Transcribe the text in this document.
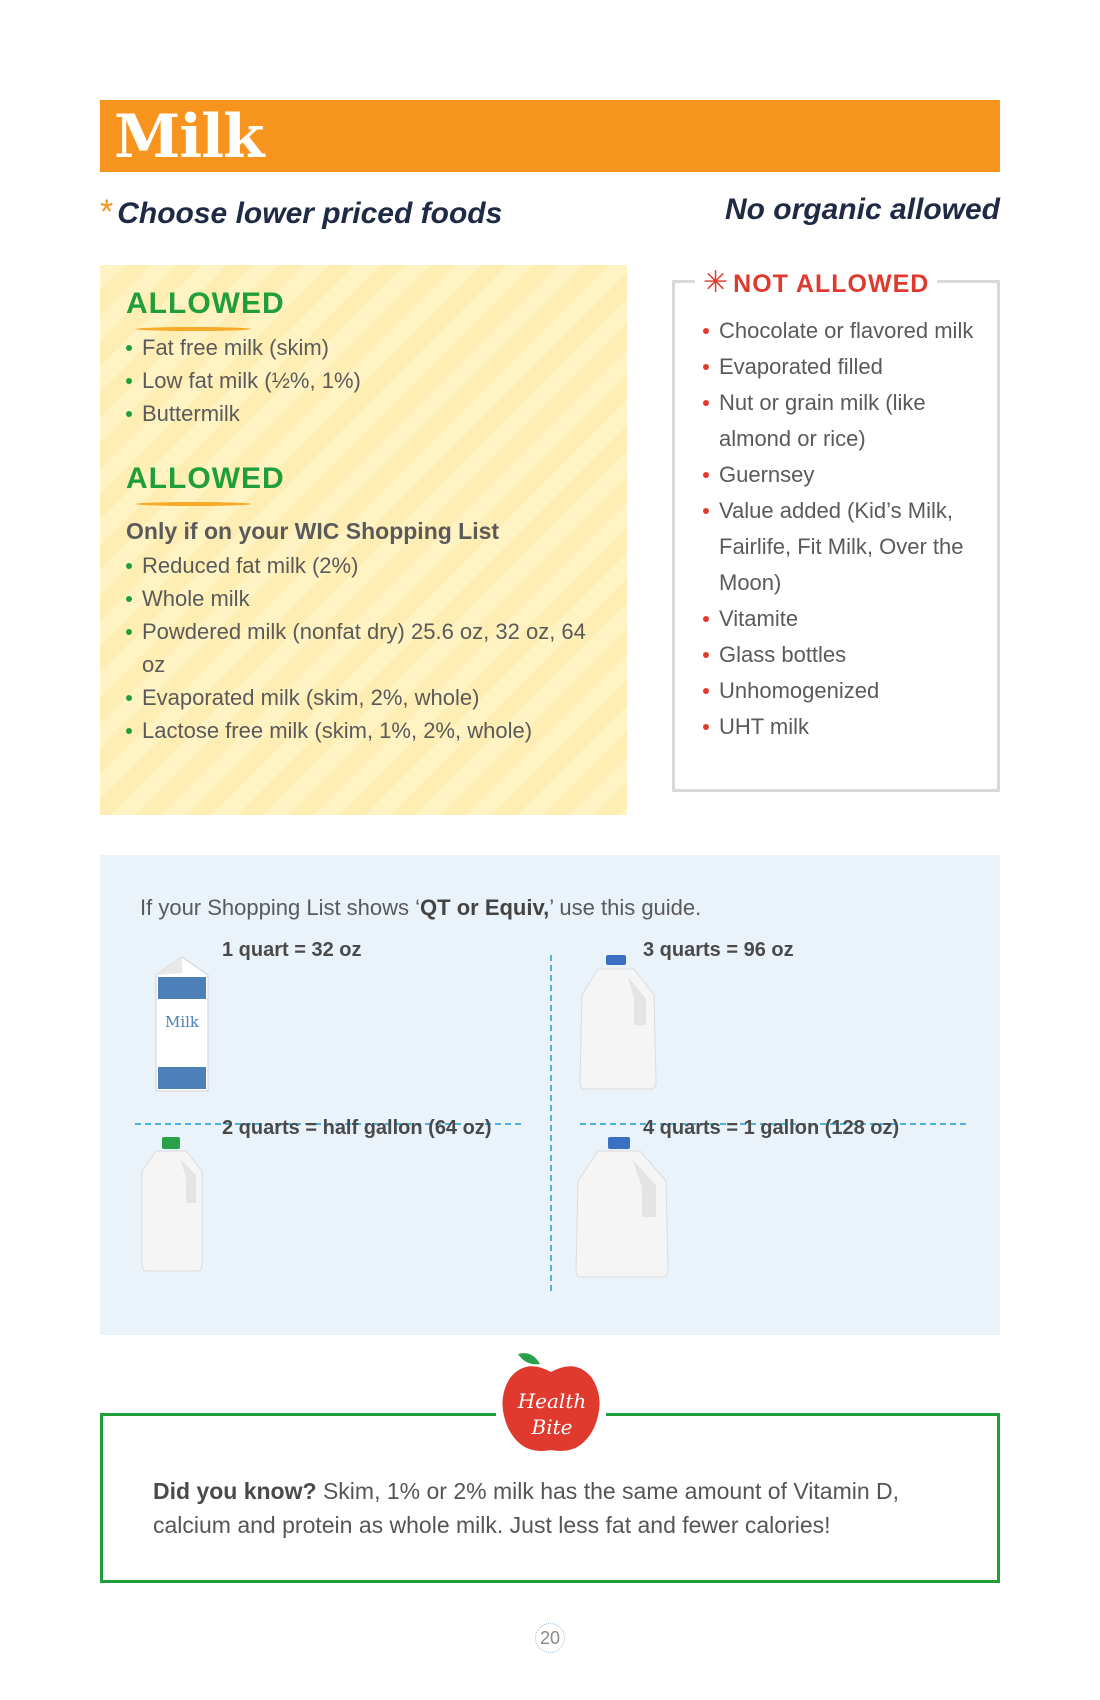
Milk
* Choose lower priced foods	No organic allowed
ALLOWED
Fat free milk (skim)
Low fat milk (½%, 1%)
Buttermilk
ALLOWED
Only if on your WIC Shopping List
Reduced fat milk (2%)
Whole milk
Powdered milk (nonfat dry) 25.6 oz, 32 oz, 64 oz
Evaporated milk (skim, 2%, whole)
Lactose free milk (skim, 1%, 2%, whole)
✳ NOT ALLOWED
Chocolate or flavored milk
Evaporated filled
Nut or grain milk (like almond or rice)
Guernsey
Value added (Kid’s Milk, Fairlife, Fit Milk, Over the Moon)
Vitamite
Glass bottles
Unhomogenized
UHT milk
If your Shopping List shows ‘QT or Equiv,’ use this guide.
Milk
1 quart = 32 oz	3 quarts = 96 oz
2 quarts = half gallon (64 oz)	4 quarts = 1 gallon (128 oz)
Did you know? Skim, 1% or 2% milk has the same amount of Vitamin D, calcium and protein as whole milk. Just less fat and fewer calories!
Health
Bite
20
